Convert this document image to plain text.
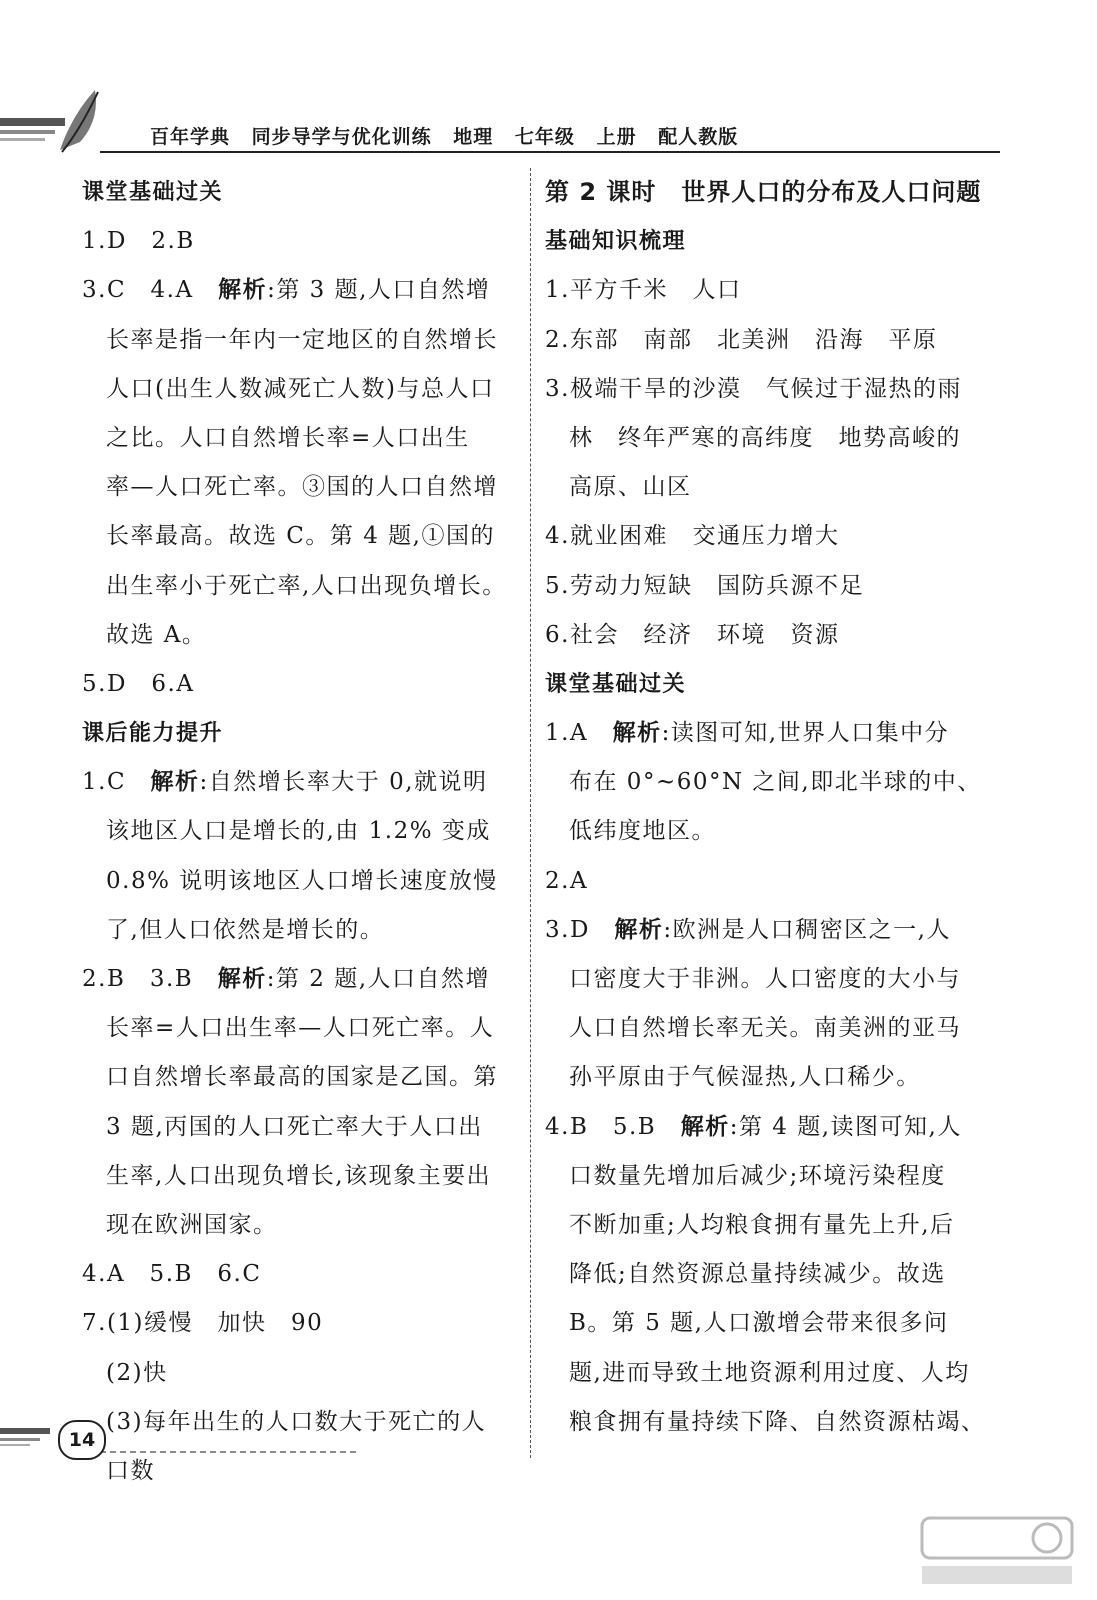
百年学典 同步导学与优化训练 地理 七年级 上册 配人教版
课堂基础过关
1.D　2.B
3.C　4.A　解析:第 3 题,人口自然增
长率是指一年内一定地区的自然增长
人口(出生人数减死亡人数)与总人口
之比。人口自然增长率=人口出生
率—人口死亡率。③国的人口自然增
长率最高。故选 C。第 4 题,①国的
出生率小于死亡率,人口出现负增长。
故选 A。
5.D　6.A
课后能力提升
1.C　解析:自然增长率大于 0,就说明
该地区人口是增长的,由 1.2% 变成
0.8% 说明该地区人口增长速度放慢
了,但人口依然是增长的。
2.B　3.B　解析:第 2 题,人口自然增
长率=人口出生率—人口死亡率。人
口自然增长率最高的国家是乙国。第
3 题,丙国的人口死亡率大于人口出
生率,人口出现负增长,该现象主要出
现在欧洲国家。
4.A　5.B　6.C
7.(1)缓慢　加快　90
(2)快
(3)每年出生的人口数大于死亡的人
口数
第 2 课时　世界人口的分布及人口问题
基础知识梳理
1.平方千米　人口
2.东部　南部　北美洲　沿海　平原
3.极端干旱的沙漠　气候过于湿热的雨
林　终年严寒的高纬度　地势高峻的
高原、山区
4.就业困难　交通压力增大
5.劳动力短缺　国防兵源不足
6.社会　经济　环境　资源
课堂基础过关
1.A　解析:读图可知,世界人口集中分
布在 0°~60°N 之间,即北半球的中、
低纬度地区。
2.A
3.D　解析:欧洲是人口稠密区之一,人
口密度大于非洲。人口密度的大小与
人口自然增长率无关。南美洲的亚马
孙平原由于气候湿热,人口稀少。
4.B　5.B　解析:第 4 题,读图可知,人
口数量先增加后减少;环境污染程度
不断加重;人均粮食拥有量先上升,后
降低;自然资源总量持续减少。故选
B。第 5 题,人口激增会带来很多问
题,进而导致土地资源利用过度、人均
粮食拥有量持续下降、自然资源枯竭、
14
